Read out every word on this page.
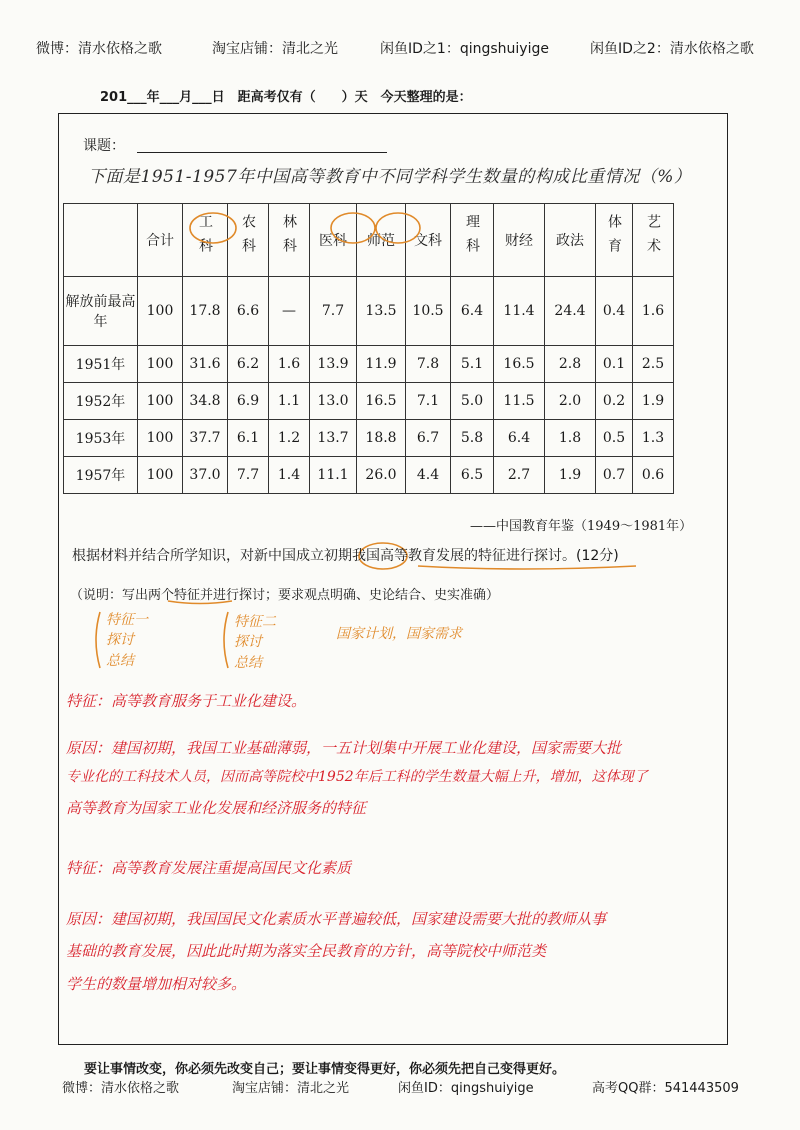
微博：清水依格之歌	淘宝店铺：清北之光	闲鱼ID之1：qingshuiyige	闲鱼ID之2：清水依格之歌
201___年___月___日　距高考仅有（　　）天　今天整理的是：
课题：
下面是1951-1957年中国高等教育中不同学科学生数量的构成比重情况（%）
	合计	工科	农科	林科	医科	师范	文科	理科	财经	政法	体育	艺术
解放前最高年	100	17.8	6.6	—	7.7	13.5	10.5	6.4	11.4	24.4	0.4	1.6
1951年	100	31.6	6.2	1.6	13.9	11.9	7.8	5.1	16.5	2.8	0.1	2.5
1952年	100	34.8	6.9	1.1	13.0	16.5	7.1	5.0	11.5	2.0	0.2	1.9
1953年	100	37.7	6.1	1.2	13.7	18.8	6.7	5.8	6.4	1.8	0.5	1.3
1957年	100	37.0	7.7	1.4	11.1	26.0	4.4	6.5	2.7	1.9	0.7	0.6
——中国教育年鉴（1949～1981年）
根据材料并结合所学知识，对新中国成立初期我国高等教育发展的特征进行探讨。(12分)
（说明：写出两个特征并进行探讨；要求观点明确、史论结合、史实准确）
特征一
探讨
总结
特征二
探讨
总结
国家计划，国家需求
特征：高等教育服务于工业化建设。
原因：建国初期，我国工业基础薄弱，一五计划集中开展工业化建设，国家需要大批
专业化的工科技术人员，因而高等院校中1952年后工科的学生数量大幅上升，增加，这体现了
高等教育为国家工业化发展和经济服务的特征
特征：高等教育发展注重提高国民文化素质
原因：建国初期，我国国民文化素质水平普遍较低，国家建设需要大批的教师从事
基础的教育发展，因此此时期为落实全民教育的方针，高等院校中师范类
学生的数量增加相对较多。
要让事情改变，你必须先改变自己；要让事情变得更好，你必须先把自己变得更好。
微博：清水依格之歌	淘宝店铺：清北之光	闲鱼ID：qingshuiyige	高考QQ群：541443509
